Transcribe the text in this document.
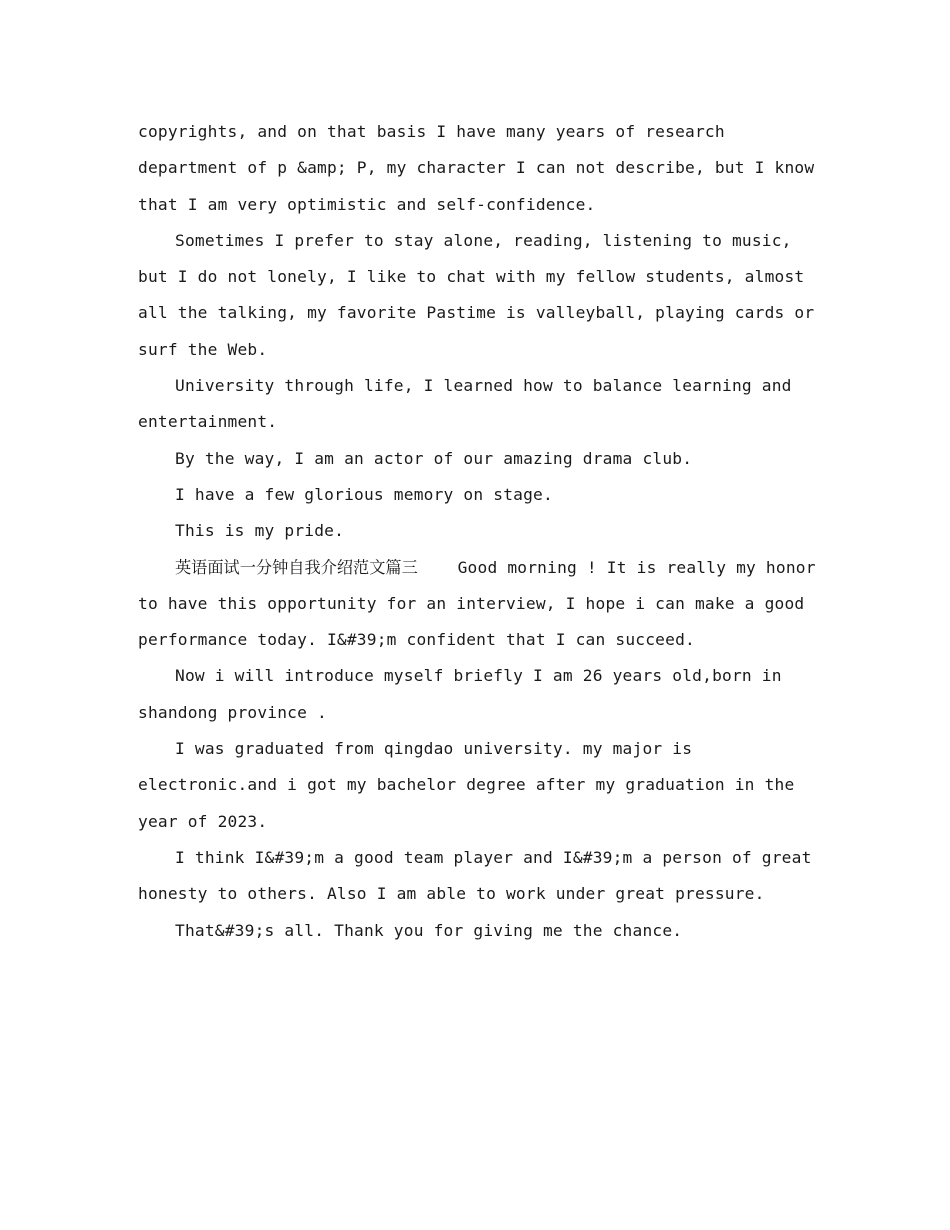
copyrights, and on that basis I have many years of research department of p &amp; P, my character I can not describe, but I know that I am very optimistic and self-confidence.

Sometimes I prefer to stay alone, reading, listening to music, but I do not lonely, I like to chat with my fellow students, almost all the talking, my favorite Pastime is valleyball, playing cards or surf the Web.

University through life, I learned how to balance learning and entertainment.

By the way, I am an actor of our amazing drama club.

I have a few glorious memory on stage.

This is my pride.

英语面试一分钟自我介绍范文篇三 Good morning ! It is really my honor to have this opportunity for an interview, I hope i can make a good performance today. I&#39;m confident that I can succeed.

Now i will introduce myself briefly I am 26 years old,born in shandong province .

I was graduated from qingdao university. my major is electronic.and i got my bachelor degree after my graduation in the year of 2023.

I think I&#39;m a good team player and I&#39;m a person of great honesty to others. Also I am able to work under great pressure.

That&#39;s all. Thank you for giving me the chance.
